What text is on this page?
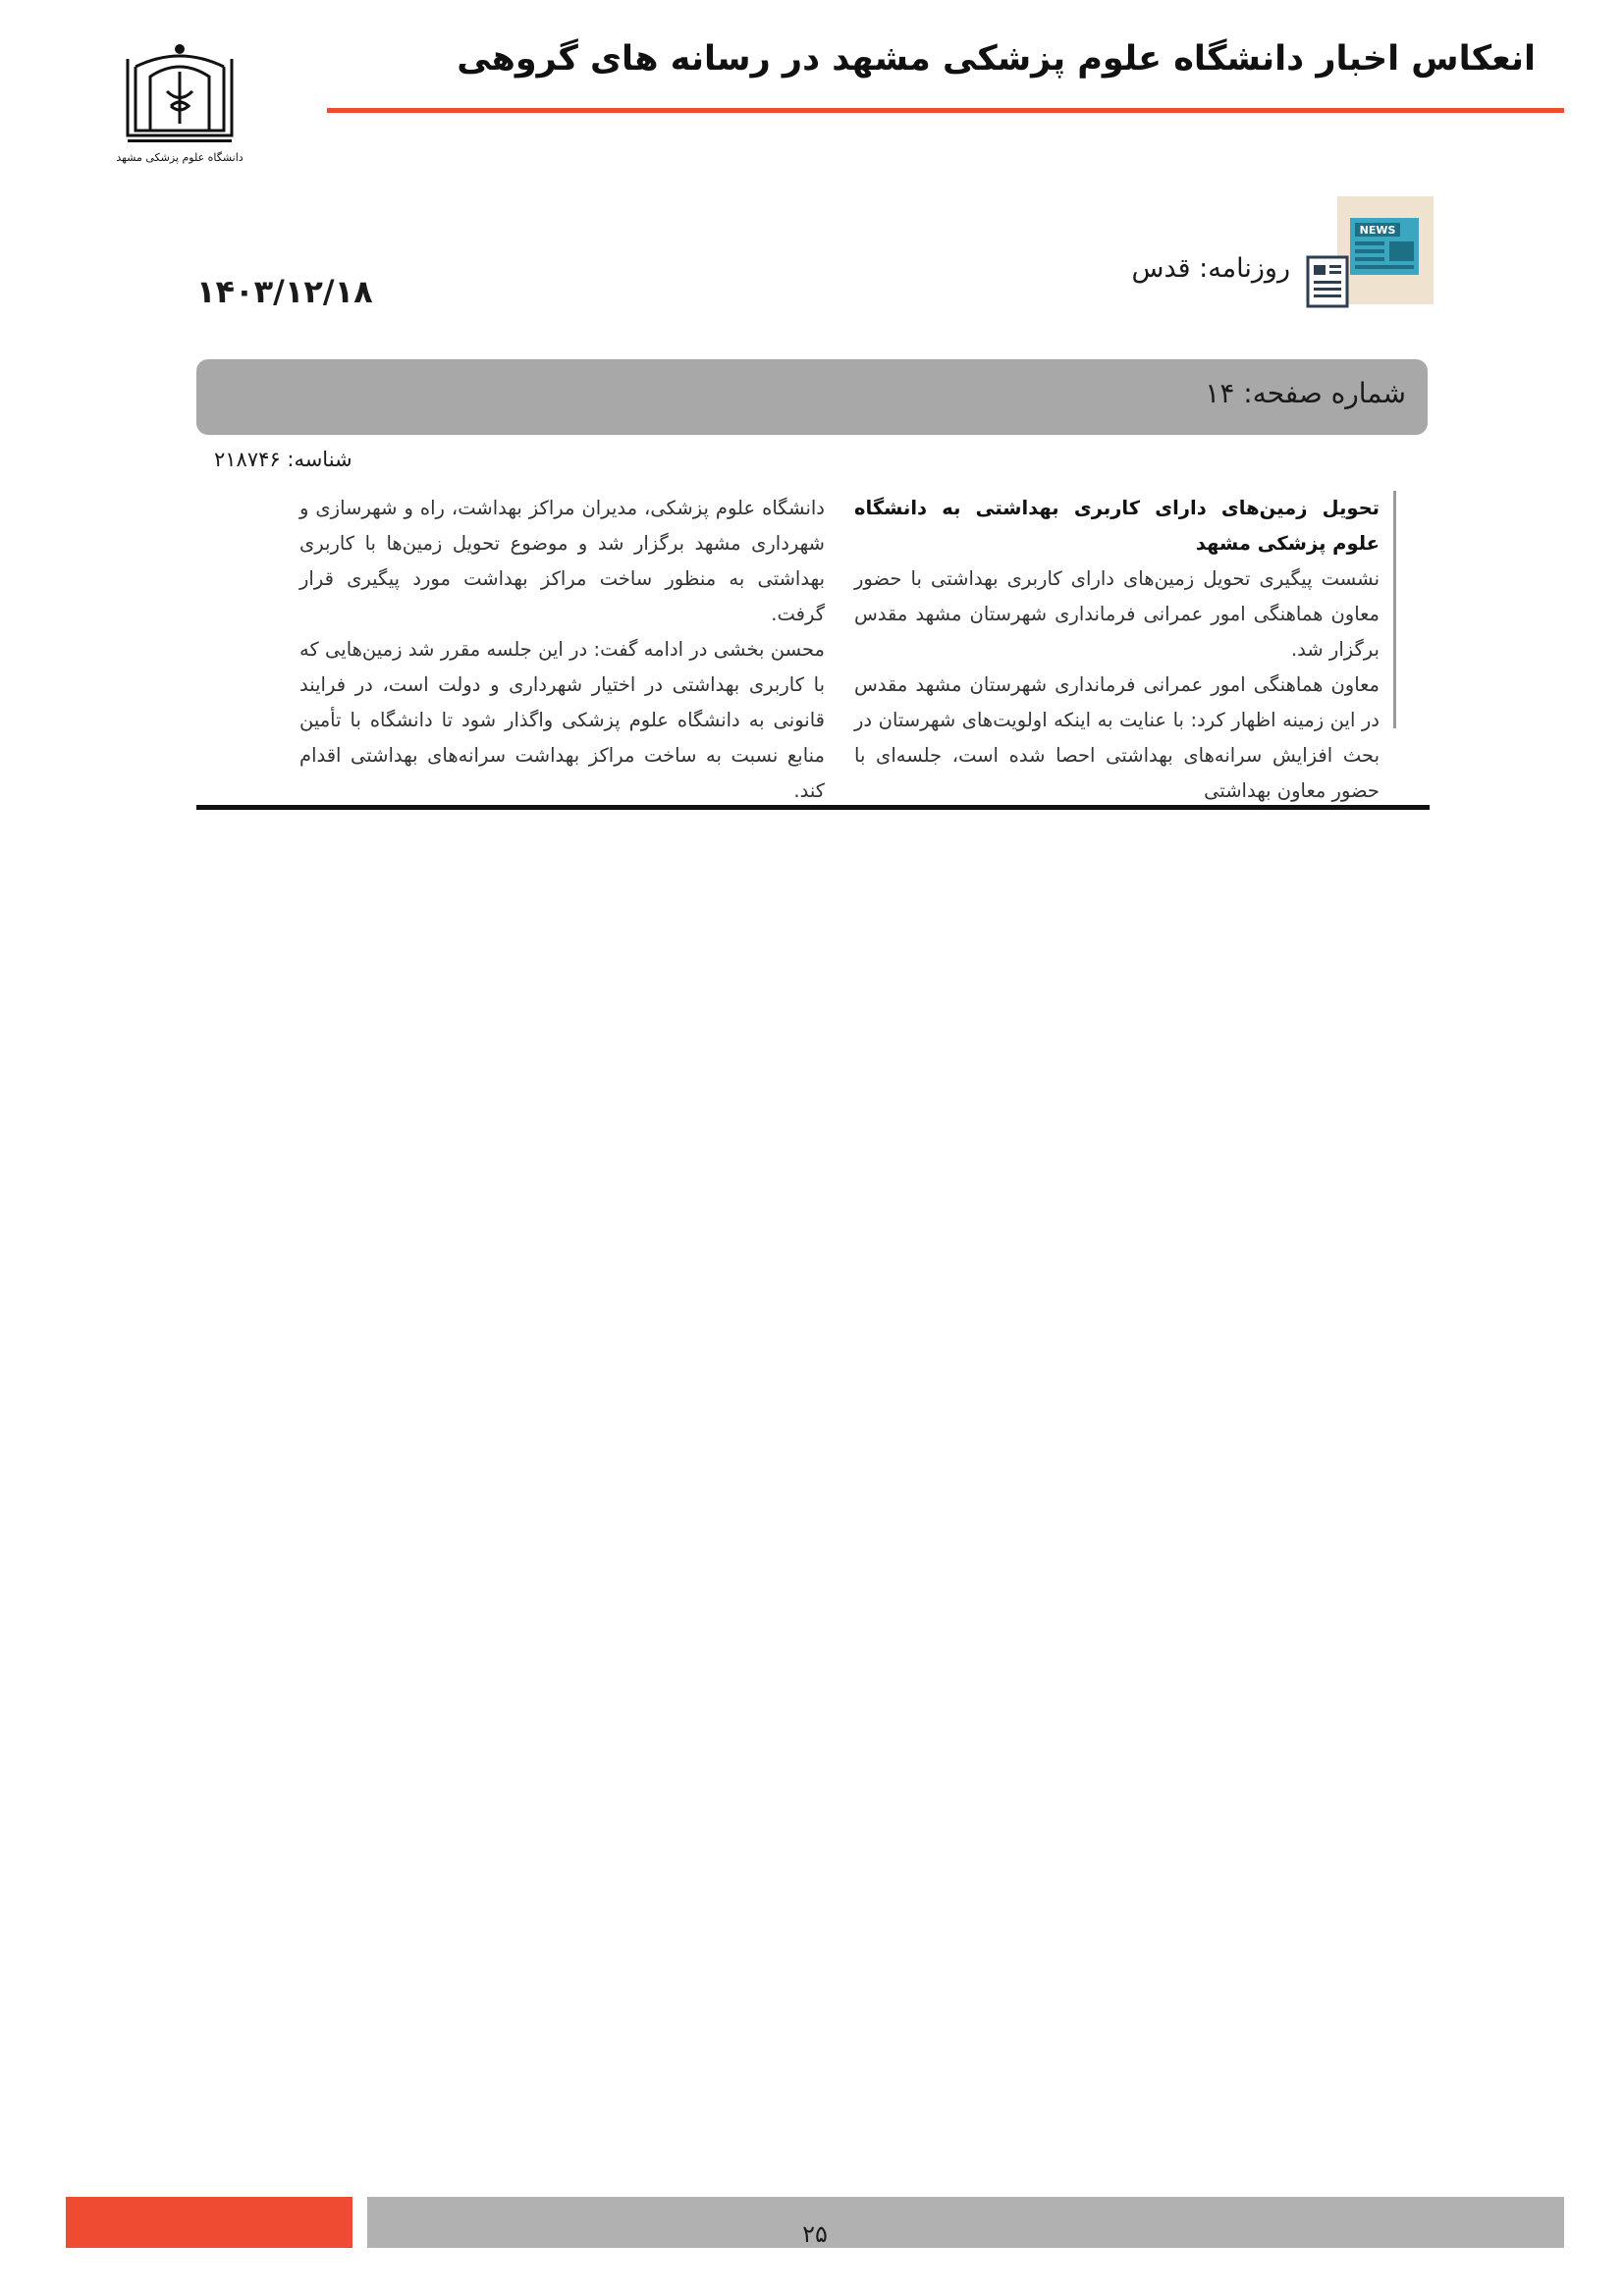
انعکاس اخبار دانشگاه علوم پزشکی مشهد در رسانه های گروهی
دانشگاه علوم پزشکی مشهد
NEWS
روزنامه: قدس
۱۴۰۳/۱۲/۱۸
شماره صفحه: ۱۴
شناسه: ۲۱۸۷۴۶

تحویل زمین‌های دارای کاربری بهداشتی به دانشگاه علوم پزشکی مشهد

نشست پیگیری تحویل زمین‌های دارای کاربری بهداشتی با حضور معاون هماهنگی امور عمرانی فرمانداری شهرستان مشهد مقدس برگزار شد.

معاون هماهنگی امور عمرانی فرمانداری شهرستان مشهد مقدس در این زمینه اظهار کرد: با عنایت به اینکه اولویت‌های شهرستان در بحث افزایش سرانه‌های بهداشتی احصا شده است، جلسه‌ای با حضور معاون بهداشتی

دانشگاه علوم پزشکی، مدیران مراکز بهداشت، راه و شهرسازی و شهرداری مشهد برگزار شد و موضوع تحویل زمین‌ها با کاربری بهداشتی به منظور ساخت مراکز بهداشت مورد پیگیری قرار گرفت.

محسن بخشی در ادامه گفت: در این جلسه مقرر شد زمین‌هایی که با کاربری بهداشتی در اختیار شهرداری و دولت است، در فرایند قانونی به دانشگاه علوم پزشکی واگذار شود تا دانشگاه با تأمین منابع نسبت به ساخت مراکز بهداشت سرانه‌های بهداشتی اقدام کند.

۲۵
